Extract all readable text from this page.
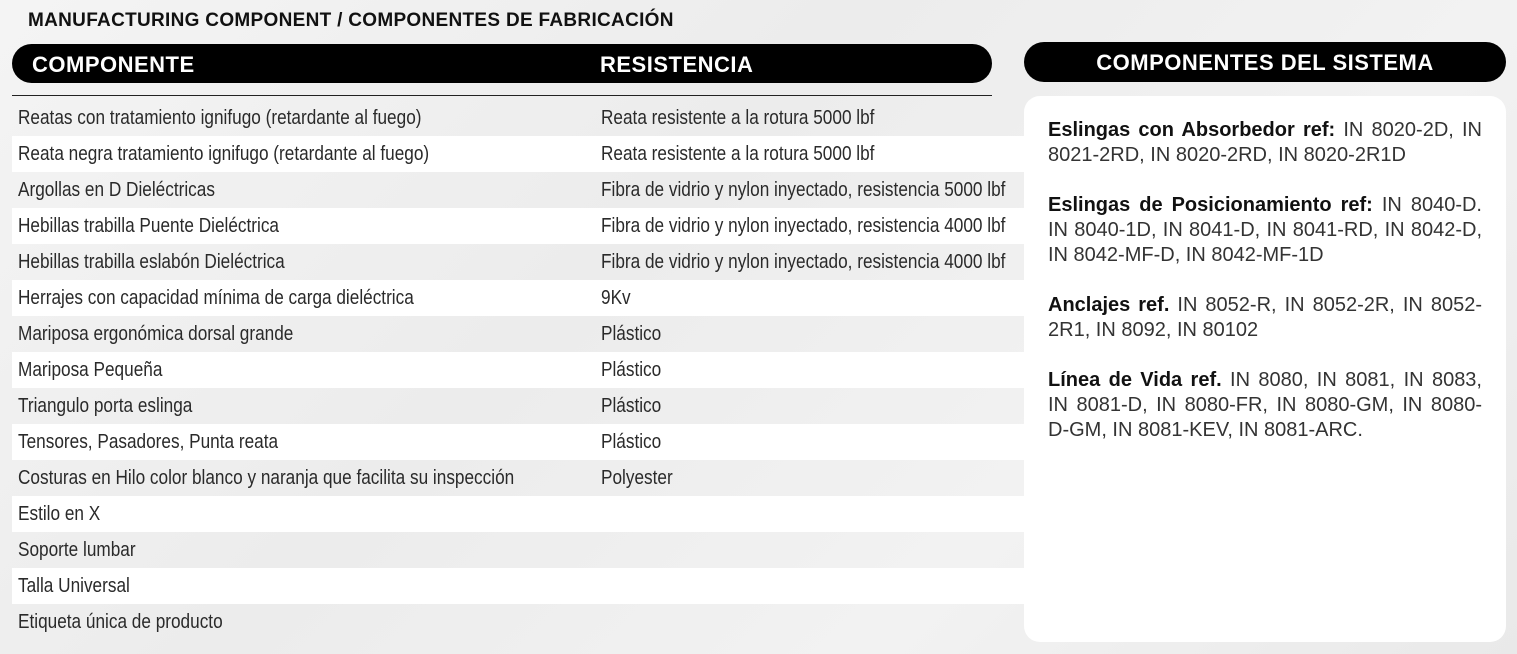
MANUFACTURING COMPONENT / COMPONENTES DE FABRICACIÓN
COMPONENTE	RESISTENCIA
Reatas con tratamiento ignifugo (retardante al fuego)	Reata resistente a la rotura 5000 lbf
Reata negra tratamiento ignifugo (retardante al fuego)	Reata resistente a la rotura 5000 lbf
Argollas en D Dieléctricas	Fibra de vidrio y nylon inyectado, resistencia 5000 lbf
Hebillas trabilla Puente Dieléctrica	Fibra de vidrio y nylon inyectado, resistencia 4000 lbf
Hebillas trabilla eslabón Dieléctrica	Fibra de vidrio y nylon inyectado, resistencia 4000 lbf
Herrajes con capacidad mínima de carga dieléctrica	9Kv
Mariposa ergonómica dorsal grande	Plástico
Mariposa Pequeña	Plástico
Triangulo porta eslinga	Plástico
Tensores, Pasadores, Punta reata	Plástico
Costuras en Hilo color blanco y naranja que facilita su inspección	Polyester
Estilo en X	
Soporte lumbar	
Talla Universal	
Etiqueta única de producto	
COMPONENTES DEL SISTEMA
Eslingas con Absorbedor ref: IN 8020-2D, IN 8021-2RD, IN 8020-2RD, IN 8020-2R1D
Eslingas de Posicionamiento ref: IN 8040-D. IN 8040-1D, IN 8041-D, IN 8041-RD, IN 8042-D, IN 8042-MF-D, IN 8042-MF-1D
Anclajes ref. IN 8052-R, IN 8052-2R, IN 8052-2R1, IN 8092, IN 80102
Línea de Vida ref. IN 8080, IN 8081, IN 8083, IN 8081-D, IN 8080-FR, IN 8080-GM, IN 8080-D-GM, IN 8081-KEV, IN 8081-ARC.
